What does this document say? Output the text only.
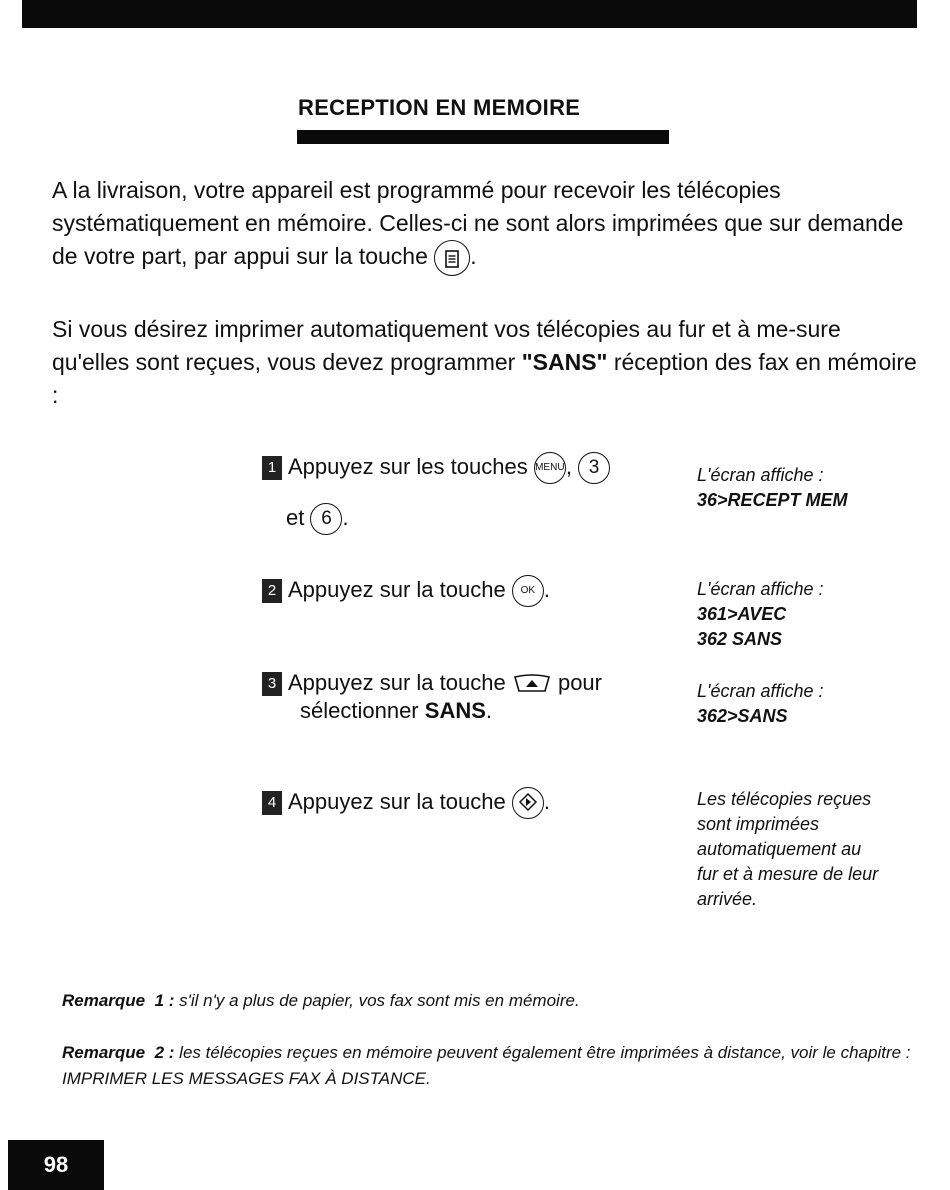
RECEPTION EN MEMOIRE

A la livraison, votre appareil est programmé pour recevoir les télécopies systématiquement en mémoire. Celles-ci ne sont alors imprimées que sur demande de votre part, par appui sur la touche .

Si vous désirez imprimer automatiquement vos télécopies au fur et à me-sure qu'elles sont reçues, vous devez programmer "SANS" réception des fax en mémoire :

1 Appuyez sur les touches MENU, 3
et 6 .
L'écran affiche :
36>RECEPT MEM
2 Appuyez sur la touche OK .	L'écran affiche :
361>AVEC
362 SANS
3 Appuyez sur la touche pour
sélectionner SANS.
L'écran affiche :
362>SANS
4 Appuyez sur la touche .	Les télécopies reçues
sont imprimées
automatiquement au
fur et à mesure de leur
arrivée.

Remarque 1 : s'il n'y a plus de papier, vos fax sont mis en mémoire.

Remarque 2 : les télécopies reçues en mémoire peuvent également être imprimées à distance, voir le chapitre : IMPRIMER LES MESSAGES FAX À DISTANCE.

98
